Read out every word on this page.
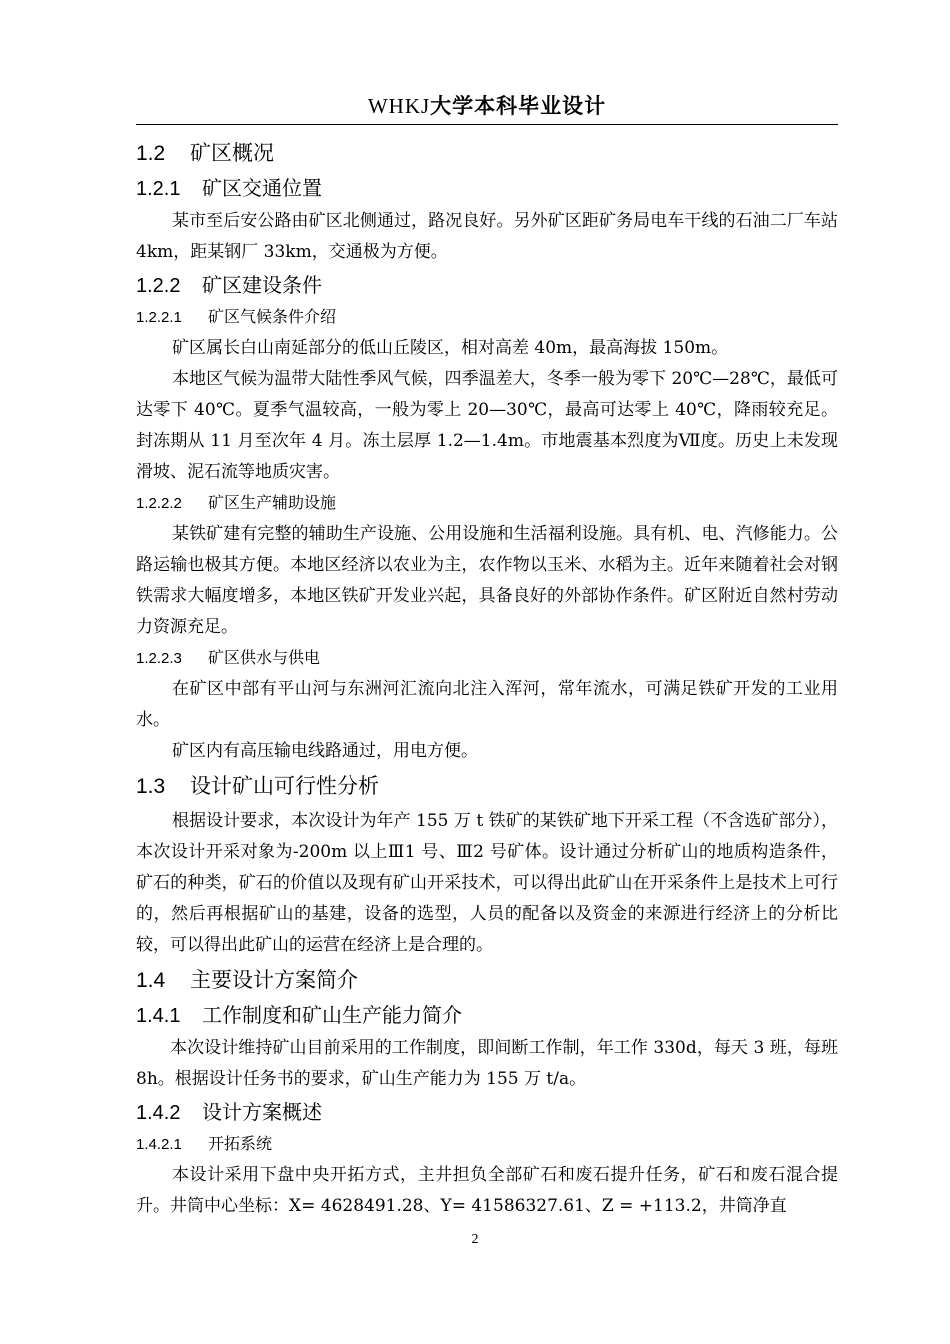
WHKJ大学本科毕业设计
1.2 矿区概况
1.2.1 矿区交通位置

某市至后安公路由矿区北侧通过，路况良好。另外矿区距矿务局电车干线的石油二厂车站 4km，距某钢厂 33km，交通极为方便。

1.2.2 矿区建设条件
1.2.2.1 矿区气候条件介绍

矿区属长白山南延部分的低山丘陵区，相对高差 40m，最高海拔 150m。

本地区气候为温带大陆性季风气候，四季温差大，冬季一般为零下 20℃—28℃，最低可达零下 40℃。夏季气温较高，一般为零上 20—30℃，最高可达零上 40℃，降雨较充足。封冻期从 11 月至次年 4 月。冻土层厚 1.2—1.4m。市地震基本烈度为Ⅶ度。历史上未发现滑坡、泥石流等地质灾害。

1.2.2.2 矿区生产辅助设施

某铁矿建有完整的辅助生产设施、公用设施和生活福利设施。具有机、电、汽修能力。公路运输也极其方便。本地区经济以农业为主，农作物以玉米、水稻为主。近年来随着社会对钢铁需求大幅度增多，本地区铁矿开发业兴起，具备良好的外部协作条件。矿区附近自然村劳动力资源充足。

1.2.2.3 矿区供水与供电

在矿区中部有平山河与东洲河汇流向北注入浑河，常年流水，可满足铁矿开发的工业用水。

矿区内有高压输电线路通过，用电方便。

1.3 设计矿山可行性分析

根据设计要求，本次设计为年产 155 万 t 铁矿的某铁矿地下开采工程（不含选矿部分），本次设计开采对象为-200m 以上Ⅲ1 号、Ⅲ2 号矿体。设计通过分析矿山的地质构造条件，矿石的种类，矿石的价值以及现有矿山开采技术，可以得出此矿山在开采条件上是技术上可行的，然后再根据矿山的基建，设备的选型，人员的配备以及资金的来源进行经济上的分析比较，可以得出此矿山的运营在经济上是合理的。

1.4 主要设计方案简介
1.4.1 工作制度和矿山生产能力简介

本次设计维持矿山目前采用的工作制度，即间断工作制，年工作 330d，每天 3 班，每班 8h。根据设计任务书的要求，矿山生产能力为 155 万 t/a。

1.4.2 设计方案概述
1.4.2.1 开拓系统

本设计采用下盘中央开拓方式，主井担负全部矿石和废石提升任务，矿石和废石混合提升。井筒中心坐标：X= 4628491.28、Y= 41586327.61、Z = +113.2，井筒净直

2
